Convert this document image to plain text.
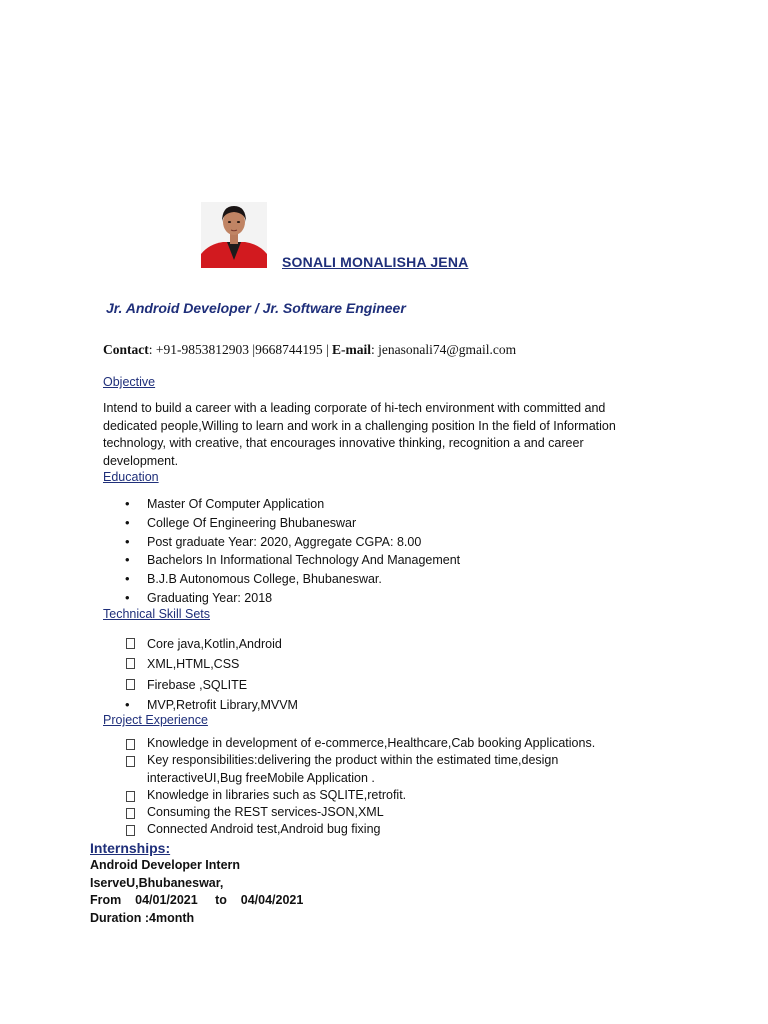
SONALI MONALISHA JENA
Jr. Android Developer / Jr. Software Engineer
Contact: +91-9853812903 |9668744195 | E-mail: jenasonali74@gmail.com
Objective
Intend to build a career with a leading corporate of hi-tech environment with committed and dedicated people,Willing to learn and work in a challenging position In the field of Information technology, with creative, that encourages innovative thinking, recognition a and career development.
Education
• Master Of Computer Application
• College Of Engineering Bhubaneswar
• Post graduate Year: 2020, Aggregate CGPA: 8.00
• Bachelors In Informational Technology And Management
• B.J.B Autonomous College, Bhubaneswar.
• Graduating Year: 2018
Technical Skill Sets
Core java,Kotlin,Android
XML,HTML,CSS
Firebase ,SQLITE
• MVP,Retrofit Library,MVVM
Project Experience
Knowledge in development of e-commerce,Healthcare,Cab booking Applications.
Key responsibilities:delivering the product within the estimated time,design interactiveUI,Bug freeMobile Application .
Knowledge in libraries such as SQLITE,retrofit.
Consuming the REST services-JSON,XML
Connected Android test,Android bug fixing
Internships:
Android Developer Intern
IserveU,Bhubaneswar,
From    04/01/2021     to    04/04/2021
Duration :4month
